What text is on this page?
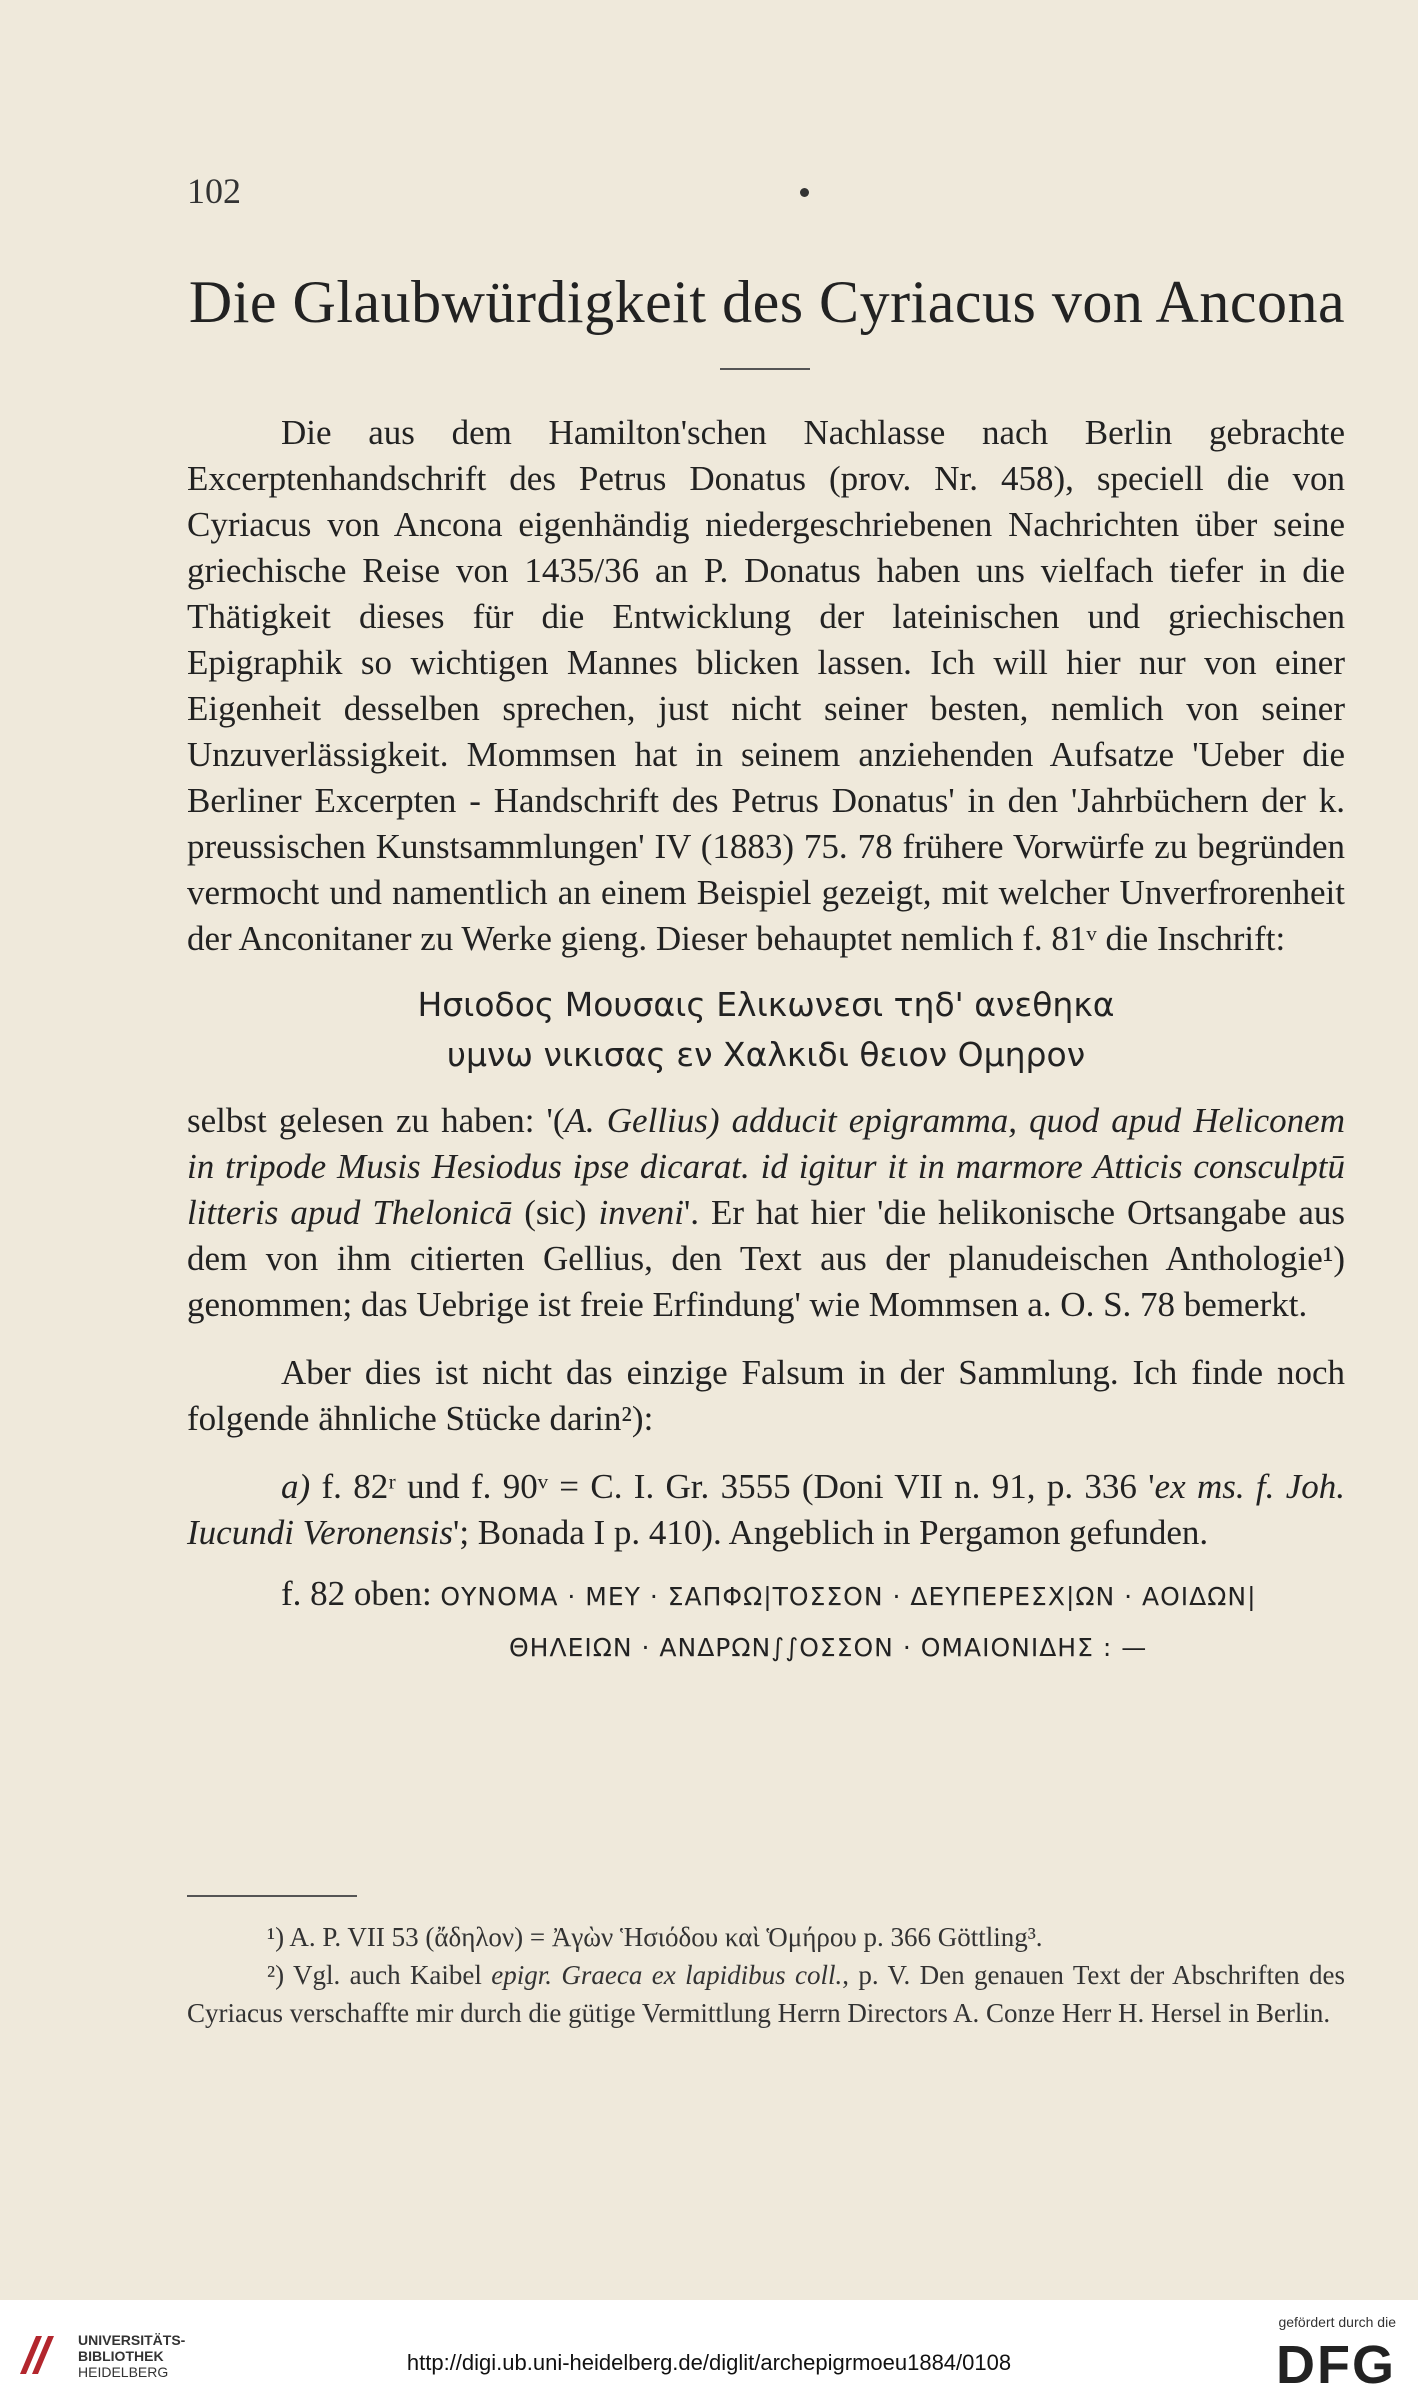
102
Die Glaubwürdigkeit des Cyriacus von Ancona

Die aus dem Hamilton'schen Nachlasse nach Berlin gebrachte Excerptenhandschrift des Petrus Donatus (prov. Nr. 458), speciell die von Cyriacus von Ancona eigenhändig niedergeschriebenen Nachrichten über seine griechische Reise von 1435/36 an P. Donatus haben uns vielfach tiefer in die Thätigkeit dieses für die Entwicklung der lateinischen und griechischen Epigraphik so wichtigen Mannes blicken lassen. Ich will hier nur von einer Eigenheit desselben sprechen, just nicht seiner besten, nemlich von seiner Unzuverlässigkeit. Mommsen hat in seinem anziehenden Aufsatze 'Ueber die Berliner Excerpten - Handschrift des Petrus Donatus' in den 'Jahrbüchern der k. preussischen Kunstsammlungen' IV (1883) 75. 78 frühere Vorwürfe zu begründen vermocht und namentlich an einem Beispiel gezeigt, mit welcher Unverfrorenheit der Anconitaner zu Werke gieng. Dieser behauptet nemlich f. 81ᵛ die Inschrift:

Ησιοδος Μουσαις Ελικωνεσι τηδ' ανεθηκα
υμνω νικισας εν Χαλκιδι θειον Ομηρον

selbst gelesen zu haben: '(A. Gellius) adducit epigramma, quod apud Heliconem in tripode Musis Hesiodus ipse dicarat. id igitur it in marmore Atticis consculptū litteris apud Thelonicā (sic) inveni'. Er hat hier 'die helikonische Ortsangabe aus dem von ihm citierten Gellius, den Text aus der planudeischen Anthologie¹) genommen; das Uebrige ist freie Erfindung' wie Mommsen a. O. S. 78 bemerkt.

Aber dies ist nicht das einzige Falsum in der Sammlung. Ich finde noch folgende ähnliche Stücke darin²):

a) f. 82ʳ und f. 90ᵛ = C. I. Gr. 3555 (Doni VII n. 91, p. 336 'ex ms. f. Joh. Iucundi Veronensis'; Bonada I p. 410). Angeblich in Pergamon gefunden.

f. 82 oben: ΟΥΝΟΜΑ · ΜΕΥ · ΣΑΠΦΩ|ΤΟΣΣΟΝ · ΔΕΥΠΕΡΕΣΧ|ΩΝ · ΑΟΙΔΩΝ|
ΘΗΛΕΙΩΝ · ΑΝΔΡΩΝ∫∫ΟΣΣΟΝ · ΟΜΑΙΟΝΙΔΗΣ : —

¹) A. P. VII 53 (ἄδηλον) = Ἀγὼν Ἡσιόδου καὶ Ὁμήρου p. 366 Göttling³.

²) Vgl. auch Kaibel epigr. Graeca ex lapidibus coll., p. V. Den genauen Text der Abschriften des Cyriacus verschaffte mir durch die gütige Vermittlung Herrn Directors A. Conze Herr H. Hersel in Berlin.

UNIVERSITÄTS-
BIBLIOTHEK
HEIDELBERG	http://digi.ub.uni-heidelberg.de/diglit/archepigrmoeu1884/0108
gefördert durch die
DFG
